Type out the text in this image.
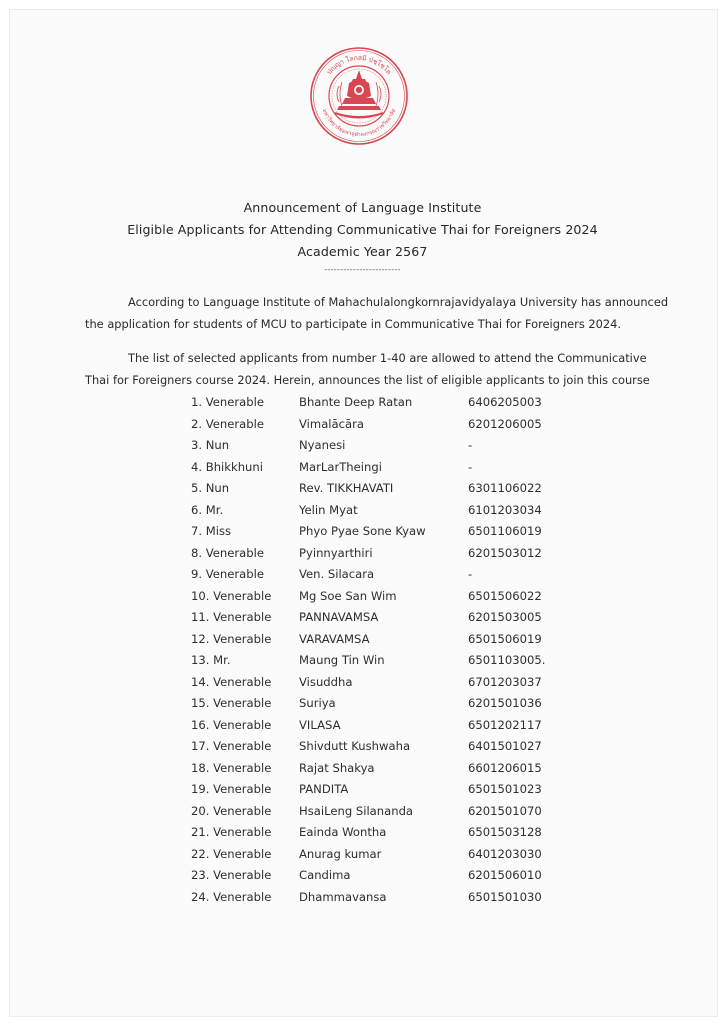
ปญฺญา โลกสมิ ปชฺโชโต
มหาวิทยาลัยมหาจุฬาลงกรณราชวิทยาลัย
Announcement of Language Institute
Eligible Applicants for Attending Communicative Thai for Foreigners 2024
Academic Year 2567
------------------------
According to Language Institute of Mahachulalongkornrajavidyalaya University has announced
the application for students of MCU to participate in Communicative Thai for Foreigners 2024.
The list of selected applicants from number 1-40 are allowed to attend the Communicative
Thai for Foreigners course 2024. Herein, announces the list of eligible applicants to join this course
1. Venerable	Bhante Deep Ratan	6406205003
2. Venerable	Vimalācāra	6201206005
3. Nun	Nyanesi	-
4. Bhikkhuni	MarLarTheingi	-
5. Nun	Rev. TIKKHAVATI	6301106022
6. Mr.	Yelin Myat	6101203034
7. Miss	Phyo Pyae Sone Kyaw	6501106019
8. Venerable	Pyinnyarthiri	6201503012
9. Venerable	Ven. Silacara	-
10. Venerable Mg Soe San Wim	6501506022
11. Venerable PANNAVAMSA	6201503005
12. Venerable VARAVAMSA	6501506019
13. Mr.	Maung Tin Win	6501103005.
14. Venerable Visuddha	6701203037
15. Venerable Suriya	6201501036
16. Venerable VILASA	6501202117
17. Venerable Shivdutt Kushwaha	6401501027
18. Venerable Rajat Shakya	6601206015
19. Venerable PANDITA	6501501023
20. Venerable HsaiLeng Silananda	6201501070
21. Venerable Eainda Wontha	6501503128
22. Venerable Anurag kumar	6401203030
23. Venerable Candima	6201506010
24. Venerable Dhammavansa	6501501030
